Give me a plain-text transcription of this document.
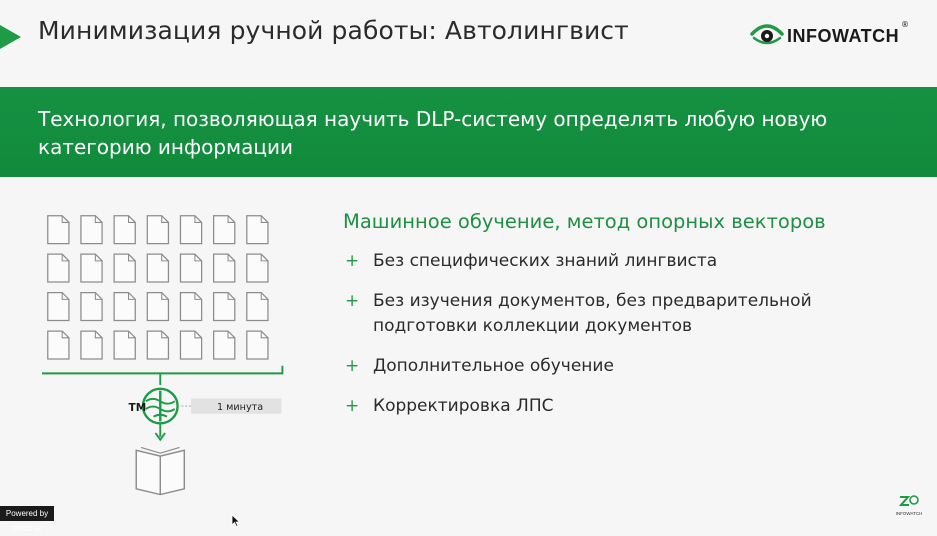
Минимизация ручной работы: Автолингвист	INFOWATCH
®
Технология, позволяющая научить DLP-систему определять любую новую категорию информации
ТМ	1 минута
Машинное обучение, метод опорных векторов
+ Без специфических знаний лингвиста
+ Без изучения документов, без предварительной подготовки коллекции документов
+ Дополнительное обучение
+ Корректировка ЛПС
Powered by Webinar
INFOWATCH
